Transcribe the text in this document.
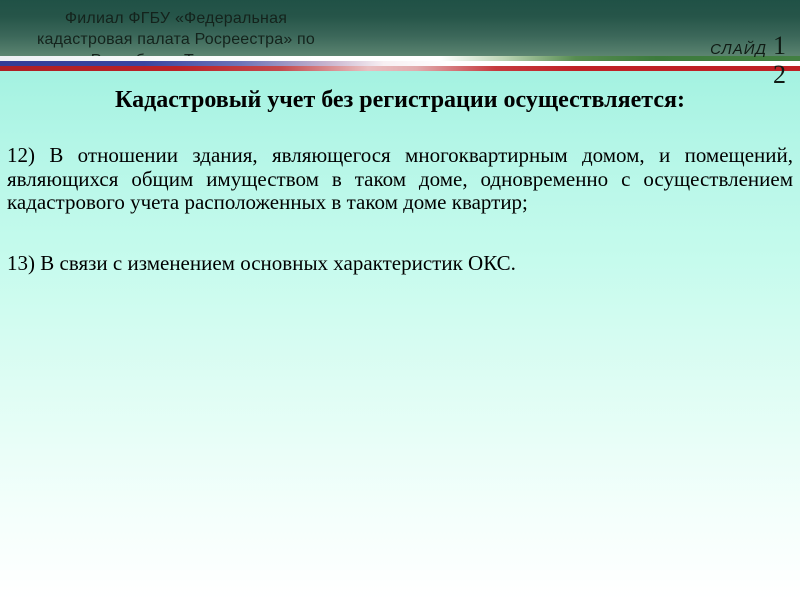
Филиал ФГБУ «Федеральная
кадастровая палата Росреестра» по
СЛАЙД 1
2
Кадастровый учет без регистрации осуществляется:
12) В отношении здания, являющегося многоквартирным домом, и помещений,
являющихся общим имуществом в таком доме, одновременно с осуществлением
кадастрового учета расположенных в таком доме квартир;
13) В связи с изменением основных характеристик ОКС.
